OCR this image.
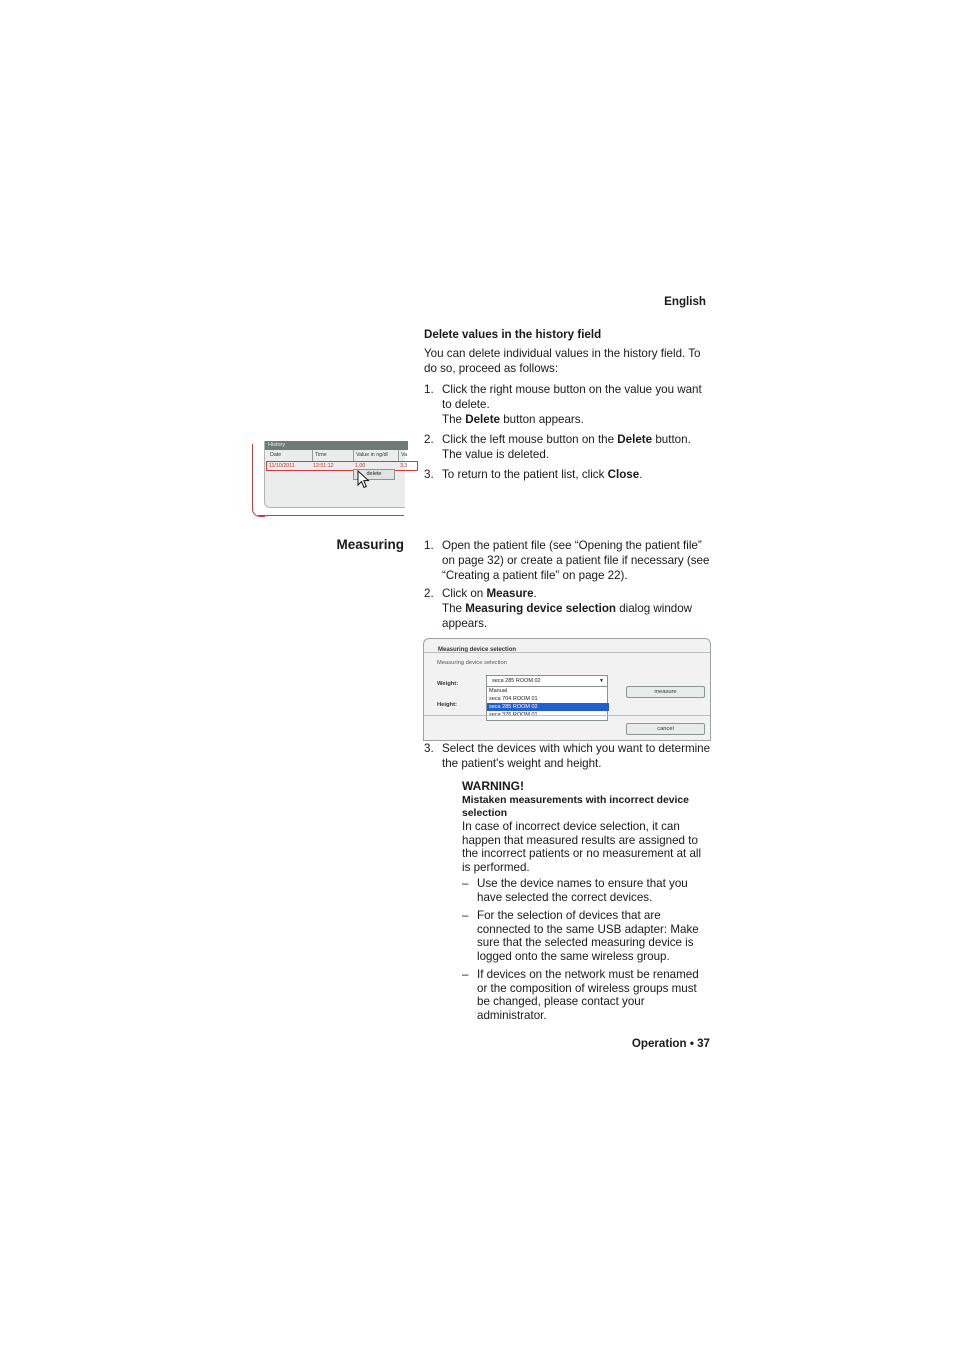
English
Delete values in the history field
You can delete individual values in the history field. To do so, proceed as follows:
1. Click the right mouse button on the value you want to delete.
The Delete button appears.
2. Click the left mouse button on the Delete button.
The value is deleted.
3. To return to the patient list, click Close.
History
Date	Time	Value in ng/dl	Va
11/10/2011	12:51:12	1.00	3.3
delete
Measuring 1. Open the patient file (see “Opening the patient file” on page 32) or create a patient file if necessary (see “Creating a patient file” on page 22).
2. Click on Measure.
The Measuring device selection dialog window appears.
Measuring device selection
Measuring device selection
Weight:
Height:
seca 285 ROOM 02	▼
Manual
seca 704 ROOM 01
seca 285 ROOM 02
seca 376 ROOM 01
measure
cancel
3. Select the devices with which you want to determine the patient's weight and height.
WARNING!
Mistaken measurements with incorrect device selection
In case of incorrect device selection, it can happen that measured results are assigned to the incorrect patients or no measurement at all is performed.
– Use the device names to ensure that you have selected the correct devices.
– For the selection of devices that are connected to the same USB adapter: Make sure that the selected measuring device is logged onto the same wireless group.
– If devices on the network must be renamed or the composition of wireless groups must be changed, please contact your administrator.
Operation • 37
